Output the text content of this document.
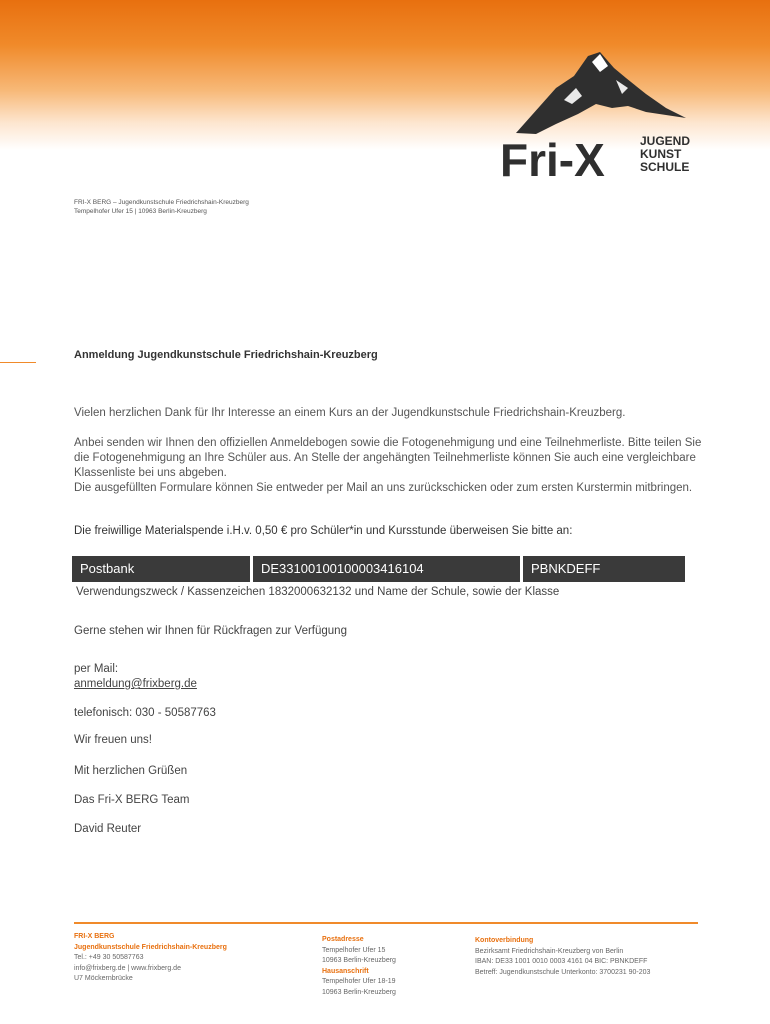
Fri-X	JUGEND
KUNST
SCHULE
FRI-X BERG – Jugendkunstschule Friedrichshain-Kreuzberg
Tempelhofer Ufer 15 | 10963 Berlin-Kreuzberg
Anmeldung Jugendkunstschule Friedrichshain-Kreuzberg
Vielen herzlichen Dank für Ihr Interesse an einem Kurs an der Jugendkunstschule Friedrichshain-Kreuzberg.
Anbei senden wir Ihnen den offiziellen Anmeldebogen sowie die Fotogenehmigung und eine Teilnehmerliste. Bitte teilen Sie die Fotogenehmigung an Ihre Schüler aus. An Stelle der angehängten Teilnehmerliste können Sie auch eine vergleichbare Klassenliste bei uns abgeben.
Die ausgefüllten Formulare können Sie entweder per Mail an uns zurückschicken oder zum ersten Kurstermin mitbringen.
Die freiwillige Materialspende i.H.v. 0,50 € pro Schüler*in und Kursstunde überweisen Sie bitte an:
Postbank	DE33100100100003416104	PBNKDEFF
Verwendungszweck / Kassenzeichen 1832000632132 und Name der Schule, sowie der Klasse
Gerne stehen wir Ihnen für Rückfragen zur Verfügung
per Mail:
anmeldung@frixberg.de
telefonisch: 030 - 50587763
Wir freuen uns!
Mit herzlichen Grüßen
Das Fri-X BERG Team
David Reuter
FRI-X BERG
Jugendkunstschule Friedrichshain-Kreuzberg
Tel.: +49 30 50587763
info@frixberg.de | www.frixberg.de
U7 Möckernbrücke
Postadresse
Tempelhofer Ufer 15
10963 Berlin-Kreuzberg
Hausanschrift
Tempelhofer Ufer 18-19
10963 Berlin-Kreuzberg
Kontoverbindung
Bezirksamt Friedrichshain-Kreuzberg von Berlin
IBAN: DE33 1001 0010 0003 4161 04 BIC: PBNKDEFF
Betreff: Jugendkunstschule Unterkonto: 3700231 90-203
